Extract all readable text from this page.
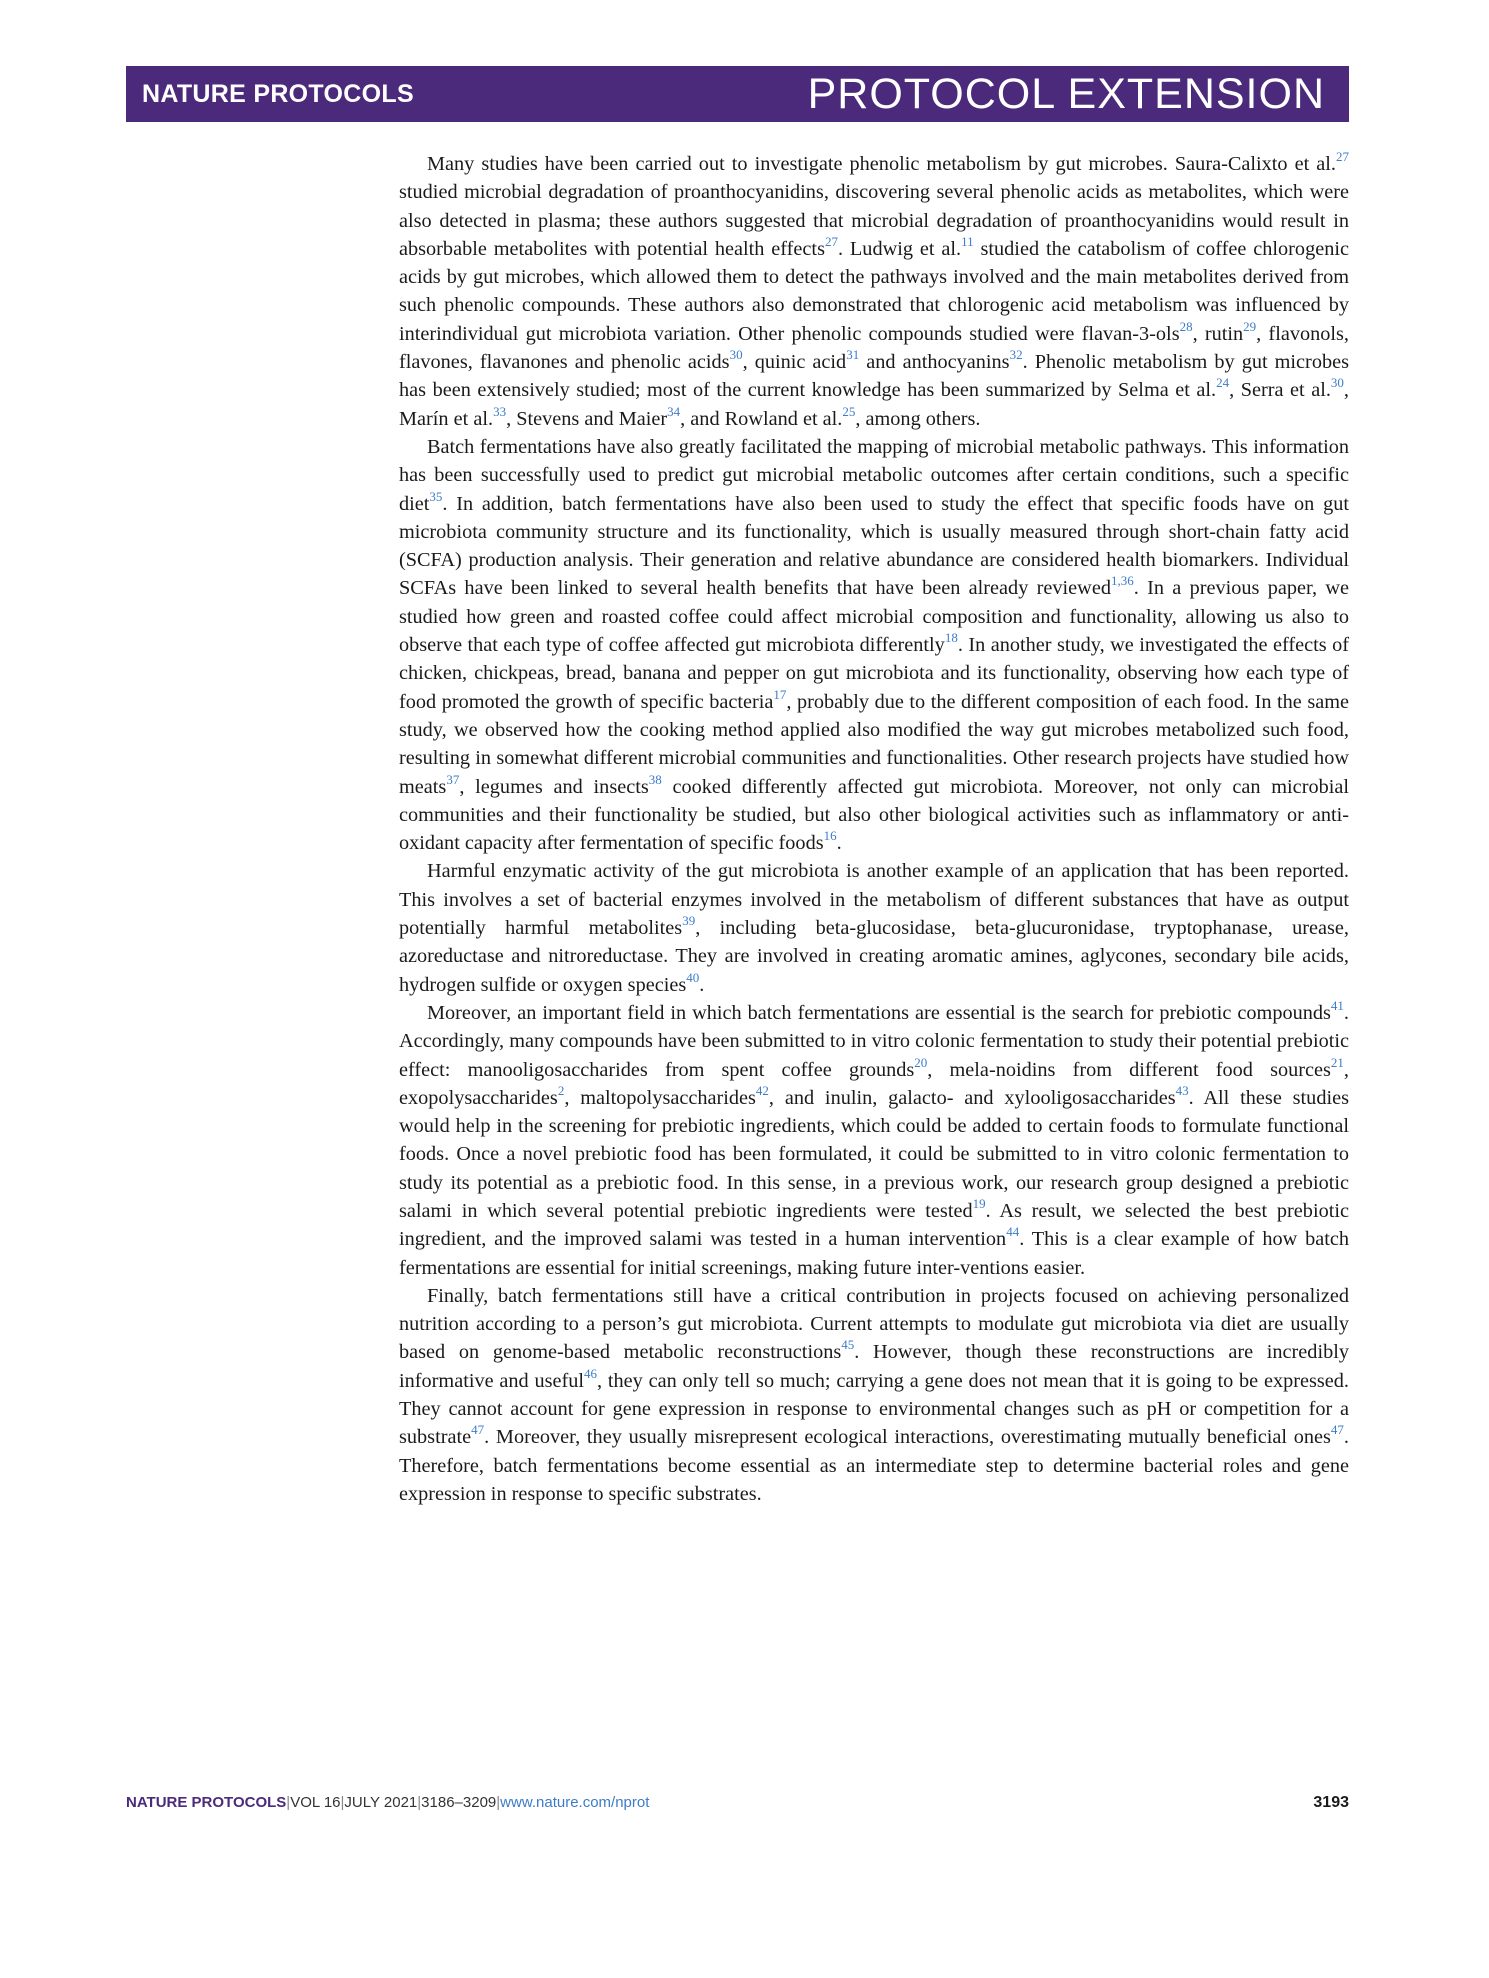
NATURE PROTOCOLS	PROTOCOL EXTENSION

Many studies have been carried out to investigate phenolic metabolism by gut microbes. Saura-Calixto et al.$^{27}$ studied microbial degradation of proanthocyanidins, discovering several phenolic acids as metabolites, which were also detected in plasma; these authors suggested that microbial degradation of proanthocyanidins would result in absorbable metabolites with potential health effects$^{27}$. Ludwig et al.$^{11}$ studied the catabolism of coffee chlorogenic acids by gut microbes, which allowed them to detect the pathways involved and the main metabolites derived from such phenolic compounds. These authors also demonstrated that chlorogenic acid metabolism was influenced by interindividual gut microbiota variation. Other phenolic compounds studied were flavan-3-ols$^{28}$, rutin$^{29}$, flavonols, flavones, flavanones and phenolic acids$^{30}$, quinic acid$^{31}$ and anthocyanins$^{32}$. Phenolic metabolism by gut microbes has been extensively studied; most of the current knowledge has been summarized by Selma et al.$^{24}$, Serra et al.$^{30}$, Marín et al.$^{33}$, Stevens and Maier$^{34}$, and Rowland et al.$^{25}$, among others.

Batch fermentations have also greatly facilitated the mapping of microbial metabolic pathways. This information has been successfully used to predict gut microbial metabolic outcomes after certain conditions, such a specific diet$^{35}$. In addition, batch fermentations have also been used to study the effect that specific foods have on gut microbiota community structure and its functionality, which is usually measured through short-chain fatty acid (SCFA) production analysis. Their generation and relative abundance are considered health biomarkers. Individual SCFAs have been linked to several health benefits that have been already reviewed$^{1,36}$. In a previous paper, we studied how green and roasted coffee could affect microbial composition and functionality, allowing us also to observe that each type of coffee affected gut microbiota differently$^{18}$. In another study, we investigated the effects of chicken, chickpeas, bread, banana and pepper on gut microbiota and its functionality, observing how each type of food promoted the growth of specific bacteria$^{17}$, probably due to the different composition of each food. In the same study, we observed how the cooking method applied also modified the way gut microbes metabolized such food, resulting in somewhat different microbial communities and functionalities. Other research projects have studied how meats$^{37}$, legumes and insects$^{38}$ cooked differently affected gut microbiota. Moreover, not only can microbial communities and their functionality be studied, but also other biological activities such as inflammatory or anti-oxidant capacity after fermentation of specific foods$^{16}$.

Harmful enzymatic activity of the gut microbiota is another example of an application that has been reported. This involves a set of bacterial enzymes involved in the metabolism of different substances that have as output potentially harmful metabolites$^{39}$, including beta-glucosidase, beta-glucuronidase, tryptophanase, urease, azoreductase and nitroreductase. They are involved in creating aromatic amines, aglycones, secondary bile acids, hydrogen sulfide or oxygen species$^{40}$.

Moreover, an important field in which batch fermentations are essential is the search for prebiotic compounds$^{41}$. Accordingly, many compounds have been submitted to in vitro colonic fermentation to study their potential prebiotic effect: manooligosaccharides from spent coffee grounds$^{20}$, mela-noidins from different food sources$^{21}$, exopolysaccharides$^2$, maltopolysaccharides$^{42}$, and inulin, galacto- and xylooligosaccharides$^{43}$. All these studies would help in the screening for prebiotic ingredients, which could be added to certain foods to formulate functional foods. Once a novel prebiotic food has been formulated, it could be submitted to in vitro colonic fermentation to study its potential as a prebiotic food. In this sense, in a previous work, our research group designed a prebiotic salami in which several potential prebiotic ingredients were tested$^{19}$. As result, we selected the best prebiotic ingredient, and the improved salami was tested in a human intervention$^{44}$. This is a clear example of how batch fermentations are essential for initial screenings, making future inter-ventions easier.

Finally, batch fermentations still have a critical contribution in projects focused on achieving personalized nutrition according to a person’s gut microbiota. Current attempts to modulate gut microbiota via diet are usually based on genome-based metabolic reconstructions$^{45}$. However, though these reconstructions are incredibly informative and useful$^{46}$, they can only tell so much; carrying a gene does not mean that it is going to be expressed. They cannot account for gene expression in response to environmental changes such as pH or competition for a substrate$^{47}$. Moreover, they usually misrepresent ecological interactions, overestimating mutually beneficial ones$^{47}$. Therefore, batch fermentations become essential as an intermediate step to determine bacterial roles and gene expression in response to specific substrates.

NATURE PROTOCOLS|VOL 16|JULY 2021|3186–3209|www.nature.com/nprot	3193
